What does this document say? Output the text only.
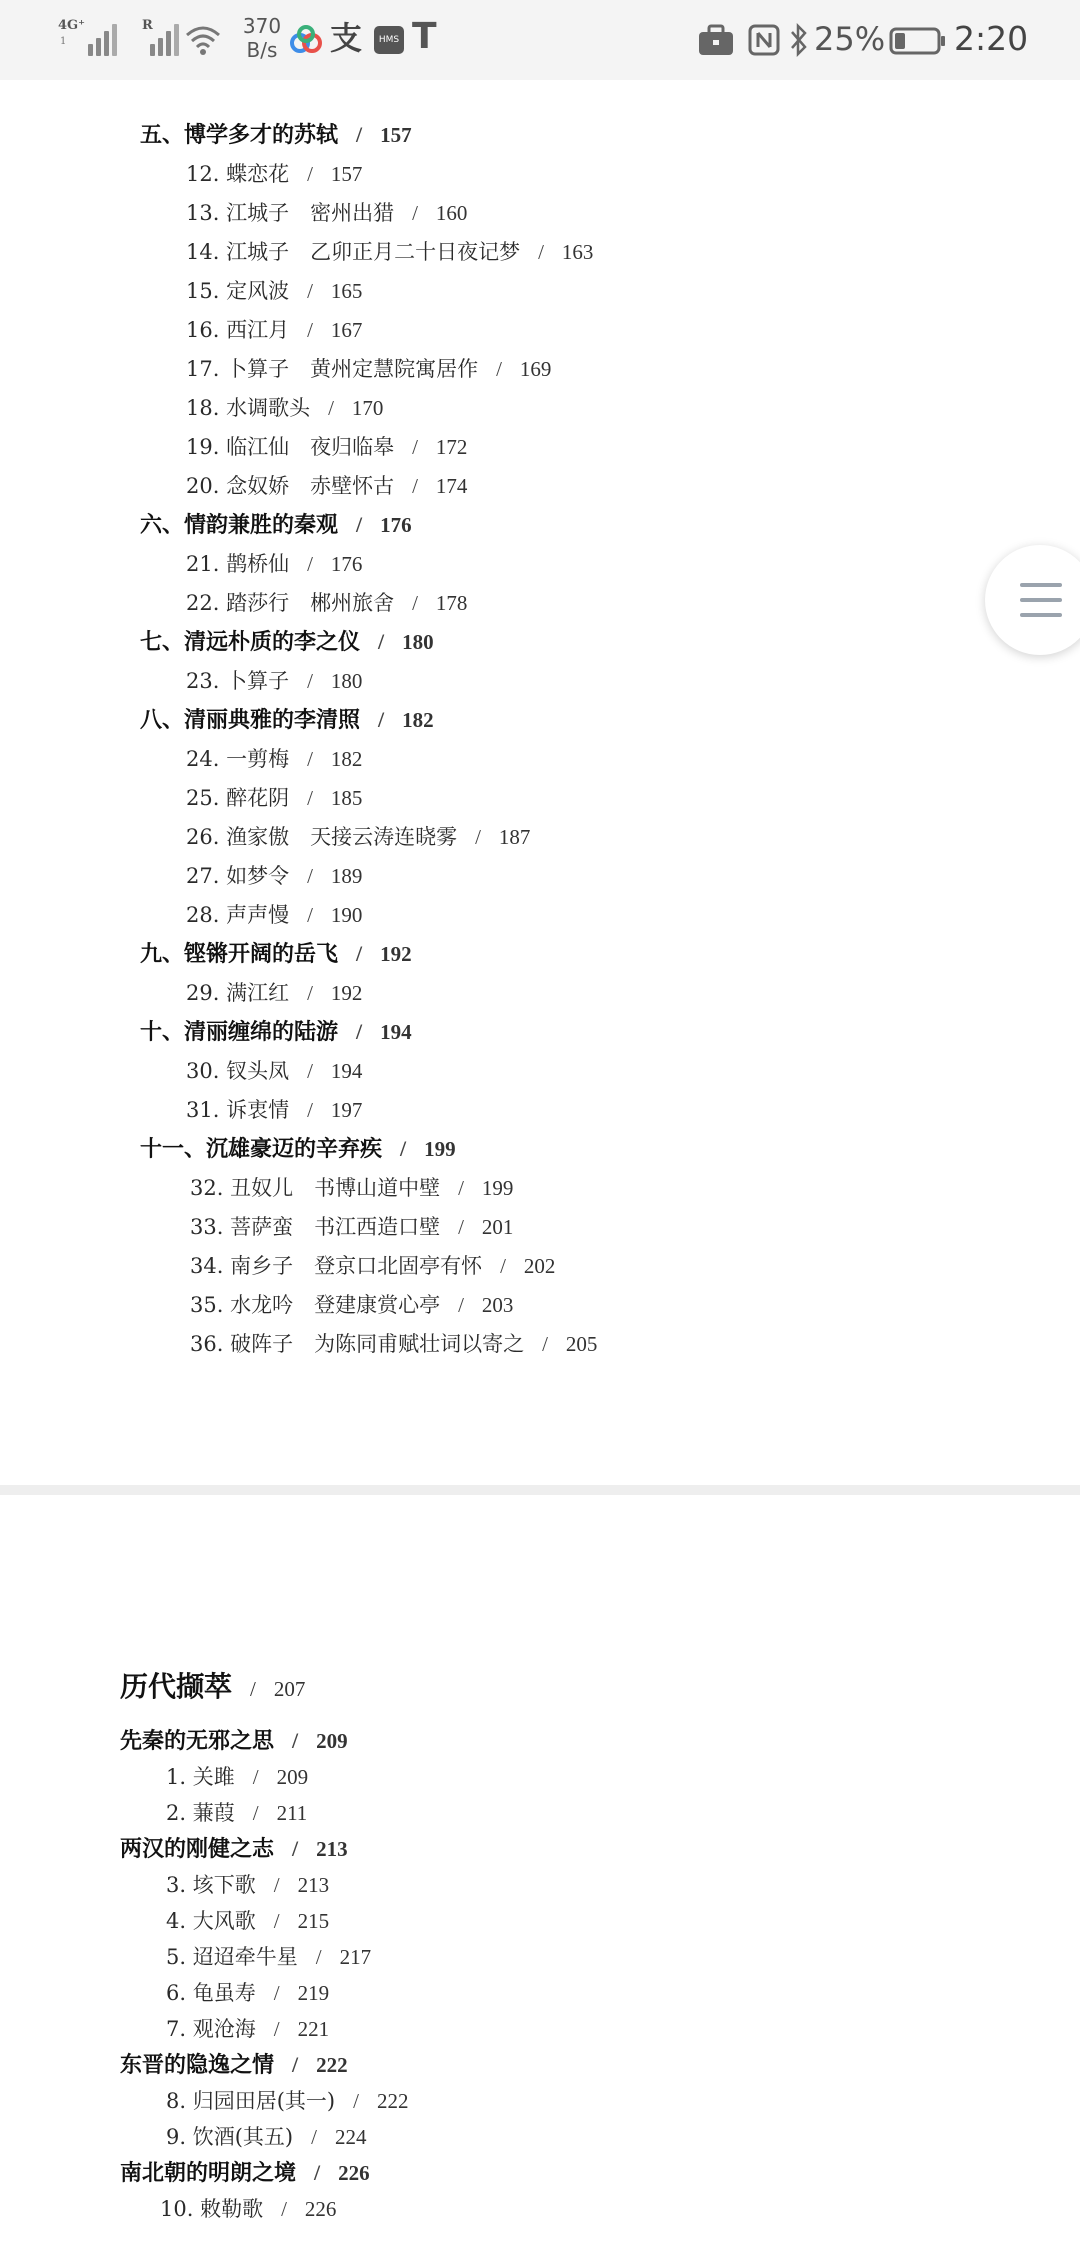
4G⁺
1
R	370
B/s	支 HMS T	25% 2:20
五、博学多才的苏轼 / 157
12. 蝶恋花 / 157
13. 江城子　密州出猎 / 160
14. 江城子　乙卯正月二十日夜记梦 / 163
15. 定风波 / 165
16. 西江月 / 167
17. 卜算子　黄州定慧院寓居作 / 169
18. 水调歌头 / 170
19. 临江仙　夜归临皋 / 172
20. 念奴娇　赤壁怀古 / 174
六、情韵兼胜的秦观 / 176
21. 鹊桥仙 / 176
22. 踏莎行　郴州旅舍 / 178
七、清远朴质的李之仪 / 180
23. 卜算子 / 180
八、清丽典雅的李清照 / 182
24. 一剪梅 / 182
25. 醉花阴 / 185
26. 渔家傲　天接云涛连晓雾 / 187
27. 如梦令 / 189
28. 声声慢 / 190
九、铿锵开阔的岳飞 / 192
29. 满江红 / 192
十、清丽缠绵的陆游 / 194
30. 钗头凤 / 194
31. 诉衷情 / 197
十一、沉雄豪迈的辛弃疾 / 199
32. 丑奴儿　书博山道中壁 / 199
33. 菩萨蛮　书江西造口壁 / 201
34. 南乡子　登京口北固亭有怀 / 202
35. 水龙吟　登建康赏心亭 / 203
36. 破阵子　为陈同甫赋壮词以寄之 / 205
历代撷萃 / 207
先秦的无邪之思 / 209
1. 关雎 / 209
2. 蒹葭 / 211
两汉的刚健之志 / 213
3. 垓下歌 / 213
4. 大风歌 / 215
5. 迢迢牵牛星 / 217
6. 龟虽寿 / 219
7. 观沧海 / 221
东晋的隐逸之情 / 222
8. 归园田居(其一) / 222
9. 饮酒(其五) / 224
南北朝的明朗之境 / 226
10. 敕勒歌 / 226
